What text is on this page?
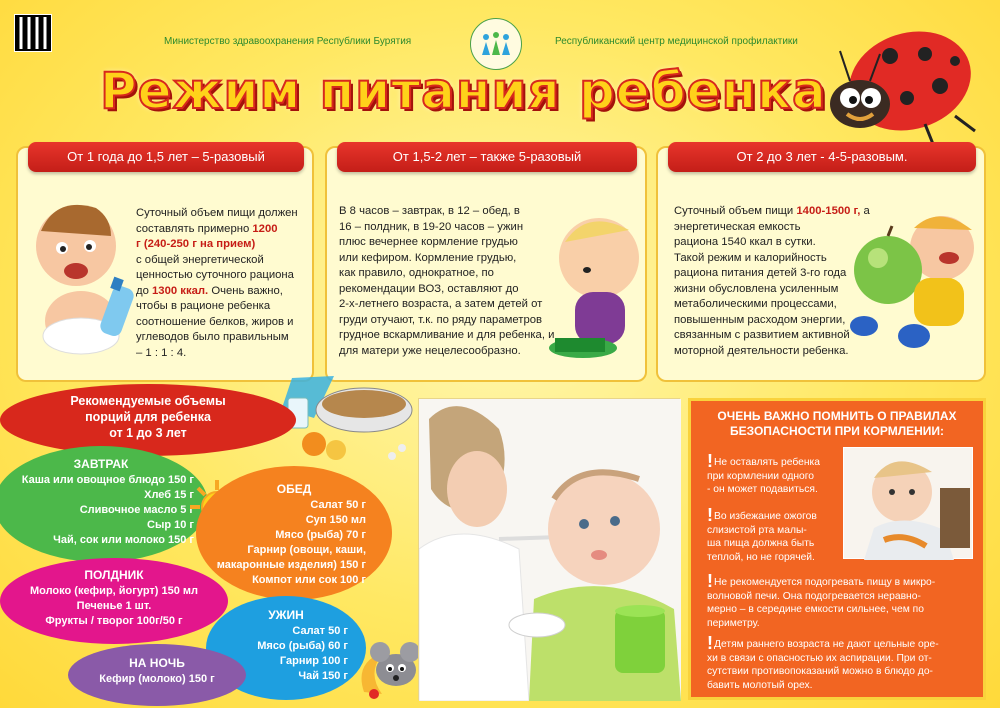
Министерство здравоохранения Республики Бурятия	Республиканский центр медицинской профилактики
Режим питания ребенка
От 1 года до 1,5 лет – 5-разовый
Суточный объем пищи должен
составлять примерно 1200
г (240-250 г на прием)
с общей энергетической
ценностью суточного рациона
до 1300 ккал. Очень важно,
чтобы в рационе ребенка
соотношение белков, жиров и
углеводов было правильным
– 1 : 1 : 4.
От 1,5-2 лет – также 5-разовый
В 8 часов – завтрак, в 12 – обед, в
16 – полдник, в 19-20 часов – ужин
плюс вечернее кормление грудью
или кефиром. Кормление грудью,
как правило, однократное, по
рекомендации ВОЗ, оставляют до
2-х-летнего возраста, а затем детей от
груди отучают, т.к. по ряду параметров
грудное вскармливание и для ребенка, и
для матери уже нецелесообразно.
От 2 до 3 лет - 4-5-разовым.
Суточный объем пищи 1400-1500 г, а
энергетическая емкость
рациона 1540 ккал в сутки.
Такой режим и калорийность
рациона питания детей 3-го года
жизни обусловлена усиленным
метаболическими процессами,
повышенным расходом энергии,
связанным с развитием активной
моторной деятельности ребенка.
Рекомендуемые объемы
порций для ребенка
от 1 до 3 лет
ЗАВТРАК
Каша или овощное блюдо 150 г
Хлеб 15 г
Сливочное масло 5 г
Сыр 10 г
Чай, сок или молоко 150 г
ОБЕД
Салат 50 г
Суп 150 мл
Мясо (рыба) 70 г
Гарнир (овощи, каши,
макаронные изделия) 150 г
Компот или сок 100 г
ПОЛДНИК
Молоко (кефир, йогурт) 150 мл
Печенье 1 шт.
Фрукты / творог 100г/50 г	УЖИН
Салат 50 г
Мясо (рыба) 60 г
Гарнир 100 г
Чай 150 г
НА НОЧЬ
Кефир (молоко) 150 г
ОЧЕНЬ ВАЖНО ПОМНИТЬ О ПРАВИЛАХ
БЕЗОПАСНОСТИ ПРИ КОРМЛЕНИИ:
!Не оставлять ребенка
при кормлении одного
- он может подавиться.
!Во избежание ожогов
слизистой рта малы-
ша пища должна быть
теплой, но не горячей.
!Не рекомендуется подогревать пищу в микро-
волновой печи. Она подогревается неравно-
мерно – в середине емкости сильнее, чем по
периметру.
!Детям раннего возраста не дают цельные оре-
хи в связи с опасностью их аспирации. При от-
сутствии противопоказаний можно в блюдо до-
бавить молотый орех.
